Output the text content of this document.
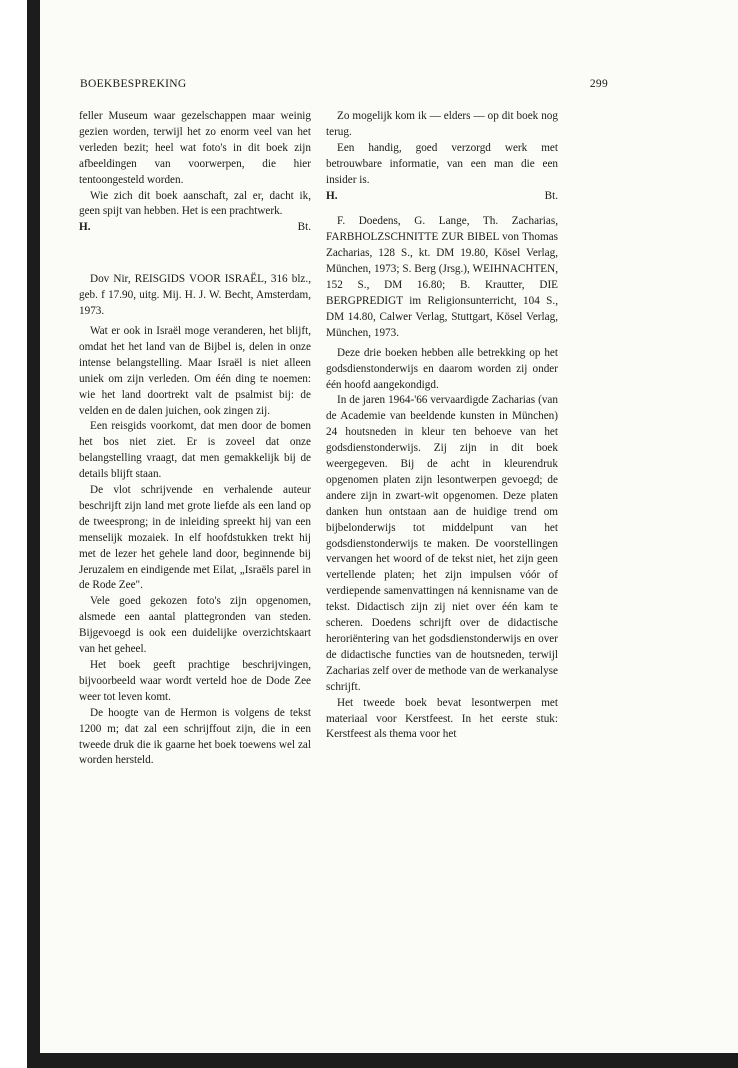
BOEKBESPREKING	299

feller Museum waar gezelschappen maar weinig gezien worden, terwijl het zo enorm veel van het verleden bezit; heel wat foto's in dit boek zijn afbeeldingen van voorwerpen, die hier tentoongesteld worden.

Wie zich dit boek aanschaft, zal er, dacht ik, geen spijt van hebben. Het is een prachtwerk.

H.	Bt.

Dov Nir, REISGIDS VOOR ISRAËL, 316 blz., geb. f 17.90, uitg. Mij. H. J. W. Becht, Amsterdam, 1973.

Wat er ook in Israël moge veranderen, het blijft, omdat het het land van de Bijbel is, delen in onze intense belangstelling. Maar Israël is niet alleen uniek om zijn verleden. Om één ding te noemen: wie het land doortrekt valt de psalmist bij: de velden en de dalen juichen, ook zingen zij.

Een reisgids voorkomt, dat men door de bomen het bos niet ziet. Er is zoveel dat onze belangstelling vraagt, dat men gemakkelijk bij de details blijft staan.

De vlot schrijvende en verhalende auteur beschrijft zijn land met grote liefde als een land op de tweesprong; in de inleiding spreekt hij van een menselijk mozaiek. In elf hoofdstukken trekt hij met de lezer het gehele land door, beginnende bij Jeruzalem en eindigende met Eilat, „Israëls parel in de Rode Zee".

Vele goed gekozen foto's zijn opgenomen, alsmede een aantal plattegronden van steden. Bijgevoegd is ook een duidelijke overzichtskaart van het geheel.

Het boek geeft prachtige beschrijvingen, bijvoorbeeld waar wordt verteld hoe de Dode Zee weer tot leven komt.

De hoogte van de Hermon is volgens de tekst 1200 m; dat zal een schrijffout zijn, die in een tweede druk die ik gaarne het boek toewens wel zal worden hersteld.

Zo mogelijk kom ik — elders — op dit boek nog terug.

Een handig, goed verzorgd werk met betrouwbare informatie, van een man die een insider is.

H.	Bt.

F. Doedens, G. Lange, Th. Zacharias, FARBHOLZSCHNITTE ZUR BIBEL von Thomas Zacharias, 128 S., kt. DM 19.80, Kösel Verlag, München, 1973; S. Berg (Jrsg.), WEIHNACHTEN, 152 S., DM 16.80; B. Krautter, DIE BERGPREDIGT im Religionsunterricht, 104 S., DM 14.80, Calwer Verlag, Stuttgart, Kösel Verlag, München, 1973.

Deze drie boeken hebben alle betrekking op het godsdienstonderwijs en daarom worden zij onder één hoofd aangekondigd.

In de jaren 1964-'66 vervaardigde Zacharias (van de Academie van beeldende kunsten in München) 24 houtsneden in kleur ten behoeve van het godsdienstonderwijs. Zij zijn in dit boek weergegeven. Bij de acht in kleurendruk opgenomen platen zijn lesontwerpen gevoegd; de andere zijn in zwart-wit opgenomen. Deze platen danken hun ontstaan aan de huidige trend om bijbelonderwijs tot middelpunt van het godsdienstonderwijs te maken. De voorstellingen vervangen het woord of de tekst niet, het zijn geen vertellende platen; het zijn impulsen vóór of verdiepende samenvattingen ná kennisname van de tekst. Didactisch zijn zij niet over één kam te scheren. Doedens schrijft over de didactische heroriëntering van het godsdienstonderwijs en over de didactische functies van de houtsneden, terwijl Zacharias zelf over de methode van de werkanalyse schrijft.

Het tweede boek bevat lesontwerpen met materiaal voor Kerstfeest. In het eerste stuk: Kerstfeest als thema voor het
